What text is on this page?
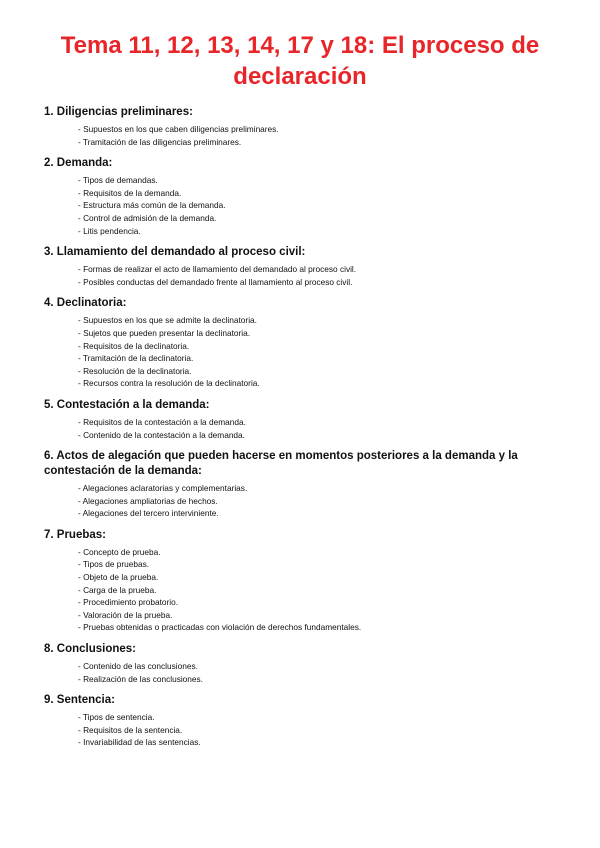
Tema 11, 12, 13, 14, 17 y 18: El proceso de declaración
1. Diligencias preliminares:
- Supuestos en los que caben diligencias preliminares.
- Tramitación de las diligencias preliminares.
2. Demanda:
- Tipos de demandas.
- Requisitos de la demanda.
- Estructura más común de la demanda.
- Control de admisión de la demanda.
- Litis pendencia.
3. Llamamiento del demandado al proceso civil:
- Formas de realizar el acto de llamamiento del demandado al proceso civil.
- Posibles conductas del demandado frente al llamamiento al proceso civil.
4. Declinatoria:
- Supuestos en los que se admite la declinatoria.
- Sujetos que pueden presentar la declinatoria.
- Requisitos de la declinatoria.
- Tramitación de la declinatoria.
- Resolución de la declinatoria.
- Recursos contra la resolución de la declinatoria.
5. Contestación a la demanda:
- Requisitos de la contestación a la demanda.
- Contenido de la contestación a la demanda.
6. Actos de alegación que pueden hacerse en momentos posteriores a la demanda y la contestación de la demanda:
- Alegaciones aclaratorias y complementarias.
- Alegaciones ampliatorias de hechos.
- Alegaciones del tercero interviniente.
7. Pruebas:
- Concepto de prueba.
- Tipos de pruebas.
- Objeto de la prueba.
- Carga de la prueba.
- Procedimiento probatorio.
- Valoración de la prueba.
- Pruebas obtenidas o practicadas con violación de derechos fundamentales.
8. Conclusiones:
- Contenido de las conclusiones.
- Realización de las conclusiones.
9. Sentencia:
- Tipos de sentencia.
- Requisitos de la sentencia.
- Invariabilidad de las sentencias.
